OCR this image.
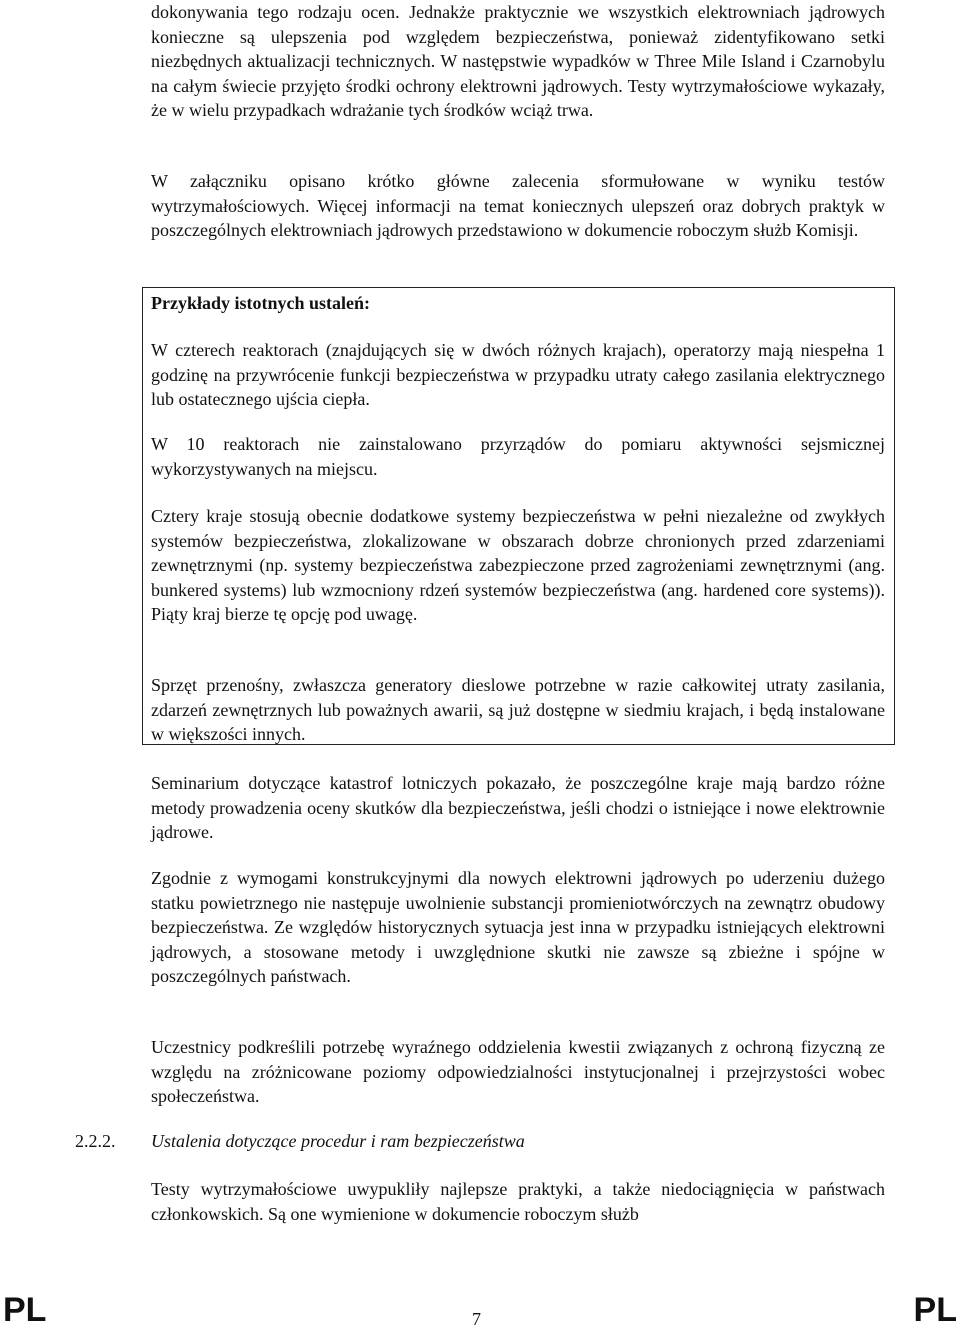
dokonywania tego rodzaju ocen. Jednakże praktycznie we wszystkich elektrowniach jądrowych konieczne są ulepszenia pod względem bezpieczeństwa, ponieważ zidentyfikowano setki niezbędnych aktualizacji technicznych. W następstwie wypadków w Three Mile Island i Czarnobylu na całym świecie przyjęto środki ochrony elektrowni jądrowych. Testy wytrzymałościowe wykazały, że w wielu przypadkach wdrażanie tych środków wciąż trwa.

W załączniku opisano krótko główne zalecenia sformułowane w wyniku testów wytrzymałościowych. Więcej informacji na temat koniecznych ulepszeń oraz dobrych praktyk w poszczególnych elektrowniach jądrowych przedstawiono w dokumencie roboczym służb Komisji.

Przykłady istotnych ustaleń:

W czterech reaktorach (znajdujących się w dwóch różnych krajach), operatorzy mają niespełna 1 godzinę na przywrócenie funkcji bezpieczeństwa w przypadku utraty całego zasilania elektrycznego lub ostatecznego ujścia ciepła.

W 10 reaktorach nie zainstalowano przyrządów do pomiaru aktywności sejsmicznej wykorzystywanych na miejscu.

Cztery kraje stosują obecnie dodatkowe systemy bezpieczeństwa w pełni niezależne od zwykłych systemów bezpieczeństwa, zlokalizowane w obszarach dobrze chronionych przed zdarzeniami zewnętrznymi (np. systemy bezpieczeństwa zabezpieczone przed zagrożeniami zewnętrznymi (ang. bunkered systems) lub wzmocniony rdzeń systemów bezpieczeństwa (ang. hardened core systems)). Piąty kraj bierze tę opcję pod uwagę.

Sprzęt przenośny, zwłaszcza generatory dieslowe potrzebne w razie całkowitej utraty zasilania, zdarzeń zewnętrznych lub poważnych awarii, są już dostępne w siedmiu krajach, i będą instalowane w większości innych.

Seminarium dotyczące katastrof lotniczych pokazało, że poszczególne kraje mają bardzo różne metody prowadzenia oceny skutków dla bezpieczeństwa, jeśli chodzi o istniejące i nowe elektrownie jądrowe.

Zgodnie z wymogami konstrukcyjnymi dla nowych elektrowni jądrowych po uderzeniu dużego statku powietrznego nie następuje uwolnienie substancji promieniotwórczych na zewnątrz obudowy bezpieczeństwa. Ze względów historycznych sytuacja jest inna w przypadku istniejących elektrowni jądrowych, a stosowane metody i uwzględnione skutki nie zawsze są zbieżne i spójne w poszczególnych państwach.

Uczestnicy podkreślili potrzebę wyraźnego oddzielenia kwestii związanych z ochroną fizyczną ze względu na zróżnicowane poziomy odpowiedzialności instytucjonalnej i przejrzystości wobec społeczeństwa.

2.2.2. Ustalenia dotyczące procedur i ram bezpieczeństwa

Testy wytrzymałościowe uwypukliły najlepsze praktyki, a także niedociągnięcia w państwach członkowskich. Są one wymienione w dokumencie roboczym służb

PL	7	PL
